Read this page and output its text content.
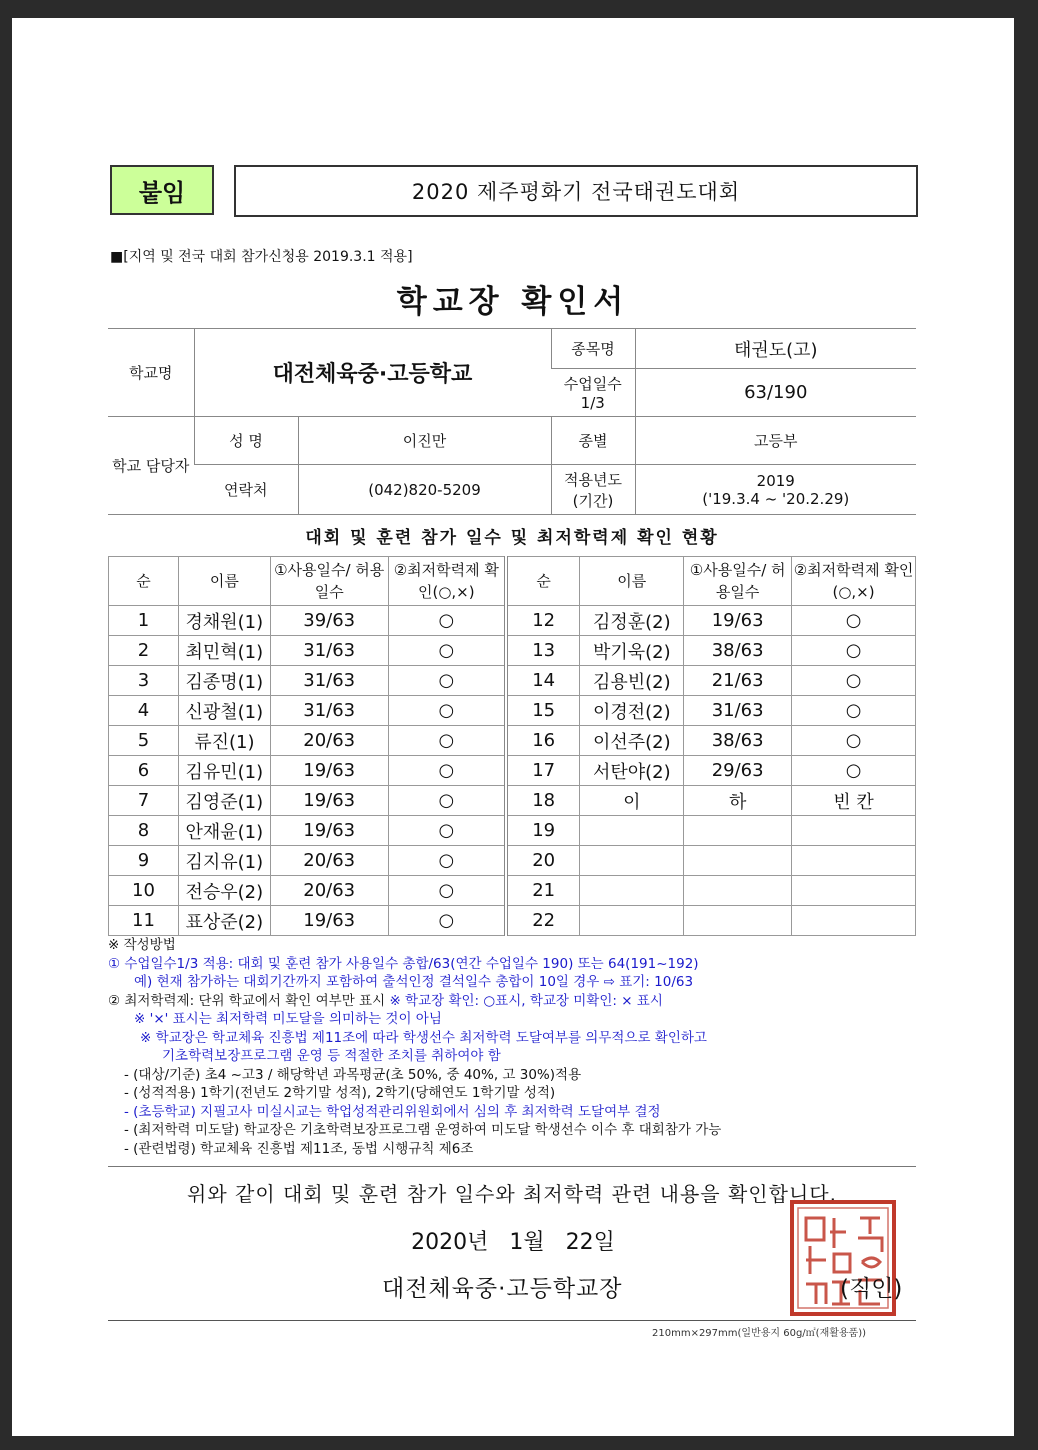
붙임	2020 제주평화기 전국태권도대회
■[지역 및 전국 대회 참가신청용 2019.3.1 적용]
학교장 확인서
학교명	대전체육중·고등학교		종목명	태권도(고)
			수업일수 1/3	63/190
학교 담당자	성 명	이진만	종별	고등부
	연락처	(042)820-5209	적용년도 (기간)	2019
('19.3.4 ~ '20.2.29)
대회 및 훈련 참가 일수 및 최저학력제 확인 현황
순	이름	①사용일수/ 허용일수	②최저학력제 확인(○,×)	순	이름	①사용일수/ 허용일수	②최저학력제 확인(○,×)
1	경채원(1)	39/63	○	12	김정훈(2)	19/63	○
2	최민혁(1)	31/63	○	13	박기욱(2)	38/63	○
3	김종명(1)	31/63	○	14	김용빈(2)	21/63	○
4	신광철(1)	31/63	○	15	이경전(2)	31/63	○
5	류진(1)	20/63	○	16	이선주(2)	38/63	○
6	김유민(1)	19/63	○	17	서탄야(2)	29/63	○
7	김영준(1)	19/63	○	18	이	하	빈 칸
8	안재윤(1)	19/63	○	19			
9	김지유(1)	20/63	○	20			
10	전승우(2)	20/63	○	21			
11	표상준(2)	19/63	○	22			
※ 작성방법
① 수업일수1/3 적용: 대회 및 훈련 참가 사용일수 총합/63(연간 수업일수 190) 또는 64(191~192)
예) 현재 참가하는 대회기간까지 포함하여 출석인정 결석일수 총합이 10일 경우 ⇨ 표기: 10/63
② 최저학력제: 단위 학교에서 확인 여부만 표시 ※ 학교장 확인: ○표시, 학교장 미확인: × 표시
※ '×' 표시는 최저학력 미도달을 의미하는 것이 아님
※ 학교장은 학교체육 진흥법 제11조에 따라 학생선수 최저학력 도달여부를 의무적으로 확인하고
기초학력보장프로그램 운영 등 적절한 조치를 취하여야 함
- (대상/기준) 초4 ~고3 / 해당학년 과목평균(초 50%, 중 40%, 고 30%)적용
- (성적적용) 1학기(전년도 2학기말 성적), 2학기(당해연도 1학기말 성적)
- (초등학교) 지필고사 미실시교는 학업성적관리위원회에서 심의 후 최저학력 도달여부 결정
- (최저학력 미도달) 학교장은 기초학력보장프로그램 운영하여 미도달 학생선수 이수 후 대회참가 가능
- (관련법령) 학교체육 진흥법 제11조, 동법 시행규칙 제6조
위와 같이 대회 및 훈련 참가 일수와 최저학력 관련 내용을 확인합니다.
2020년 1월 22일
대전체육중·고등학교장	(직인)
210mm×297mm(일반용지 60g/㎡(재활용품))
